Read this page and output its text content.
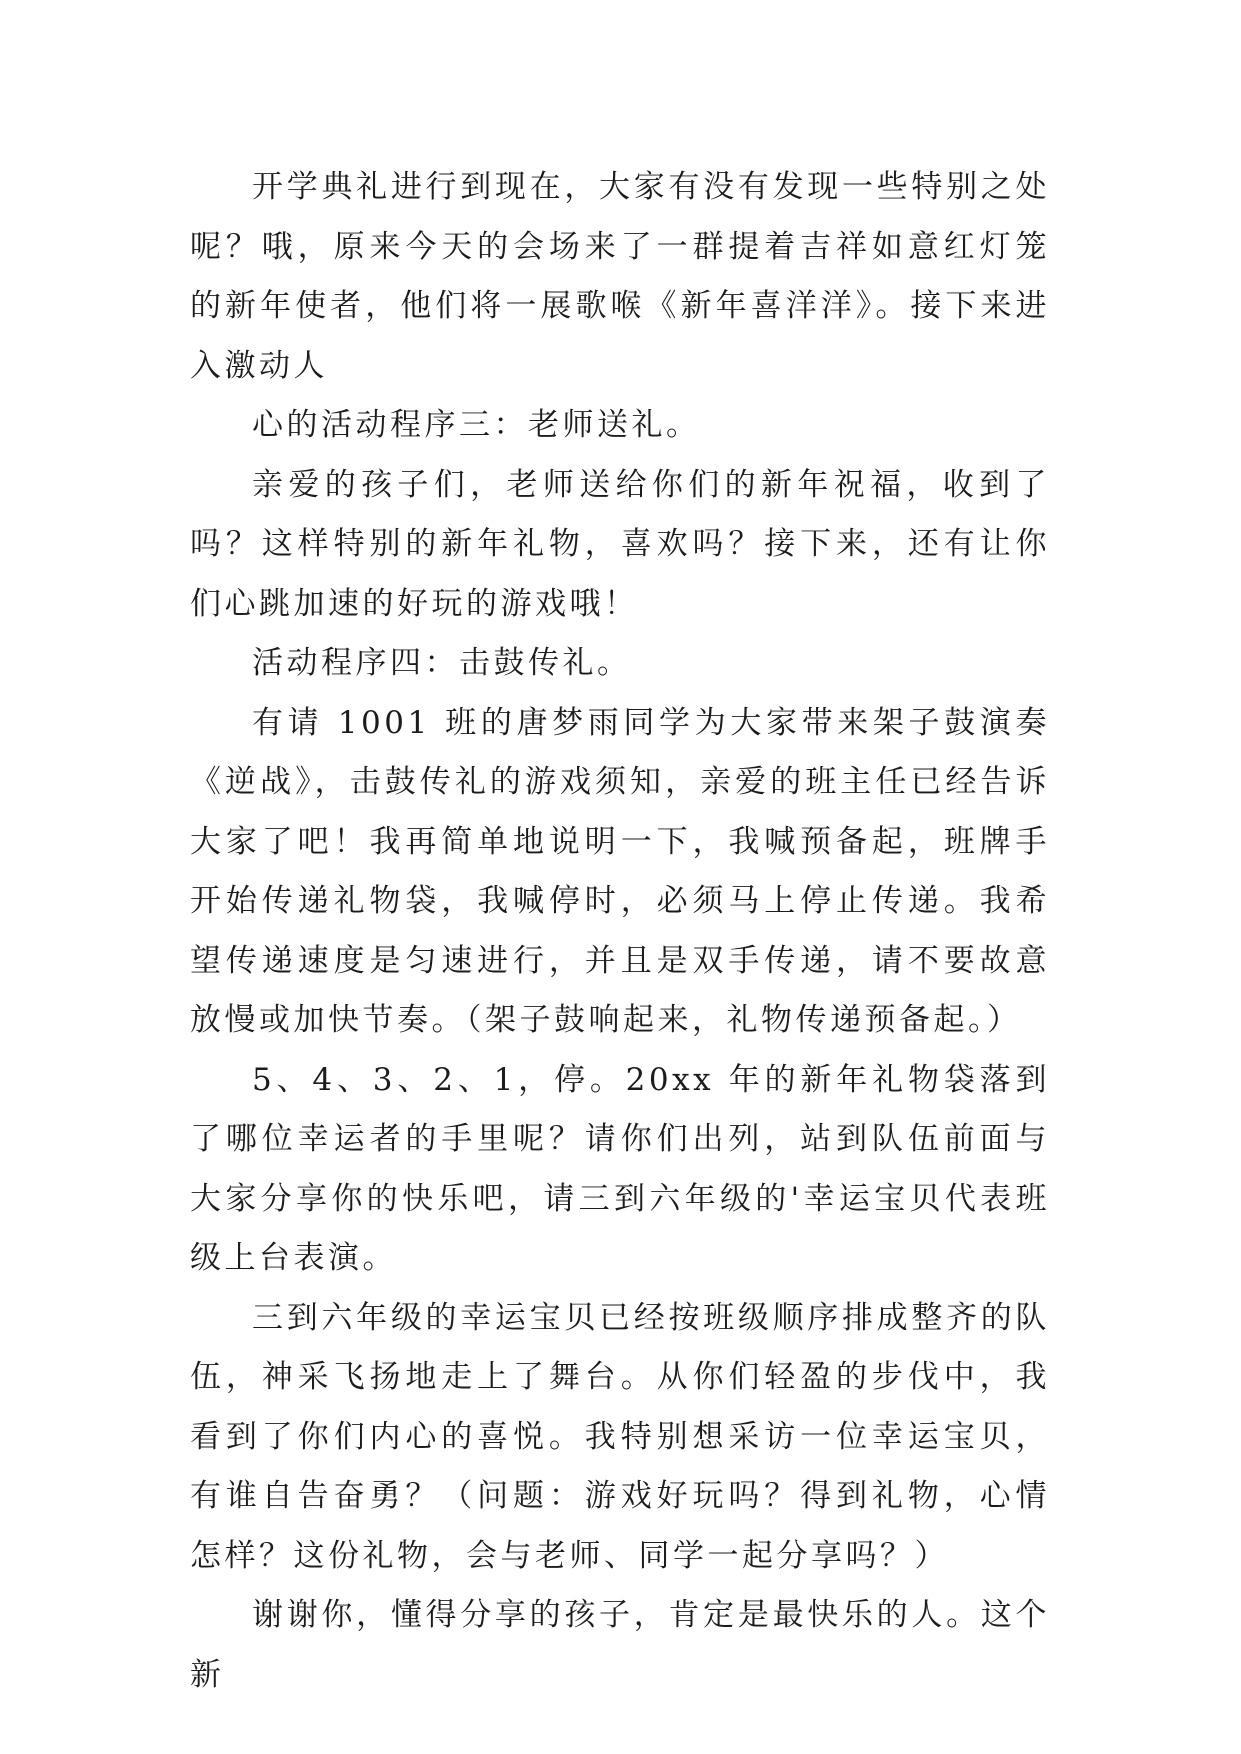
开学典礼进行到现在，大家有没有发现一些特别之处呢？哦，原来今天的会场来了一群提着吉祥如意红灯笼的新年使者，他们将一展歌喉《新年喜洋洋》。接下来进入激动人

心的活动程序三：老师送礼。

亲爱的孩子们，老师送给你们的新年祝福，收到了吗？这样特别的新年礼物，喜欢吗？接下来，还有让你们心跳加速的好玩的游戏哦！

活动程序四：击鼓传礼。

有请 1001 班的唐梦雨同学为大家带来架子鼓演奏《逆战》，击鼓传礼的游戏须知，亲爱的班主任已经告诉大家了吧！我再简单地说明一下，我喊预备起，班牌手开始传递礼物袋，我喊停时，必须马上停止传递。我希望传递速度是匀速进行，并且是双手传递，请不要故意放慢或加快节奏。（架子鼓响起来，礼物传递预备起。）

5、4、3、2、1，停。20xx 年的新年礼物袋落到了哪位幸运者的手里呢？请你们出列，站到队伍前面与大家分享你的快乐吧，请三到六年级的'幸运宝贝代表班级上台表演。

三到六年级的幸运宝贝已经按班级顺序排成整齐的队伍，神采飞扬地走上了舞台。从你们轻盈的步伐中，我看到了你们内心的喜悦。我特别想采访一位幸运宝贝，有谁自告奋勇？（问题：游戏好玩吗？得到礼物，心情怎样？这份礼物，会与老师、同学一起分享吗？）

谢谢你，懂得分享的孩子，肯定是最快乐的人。这个新
